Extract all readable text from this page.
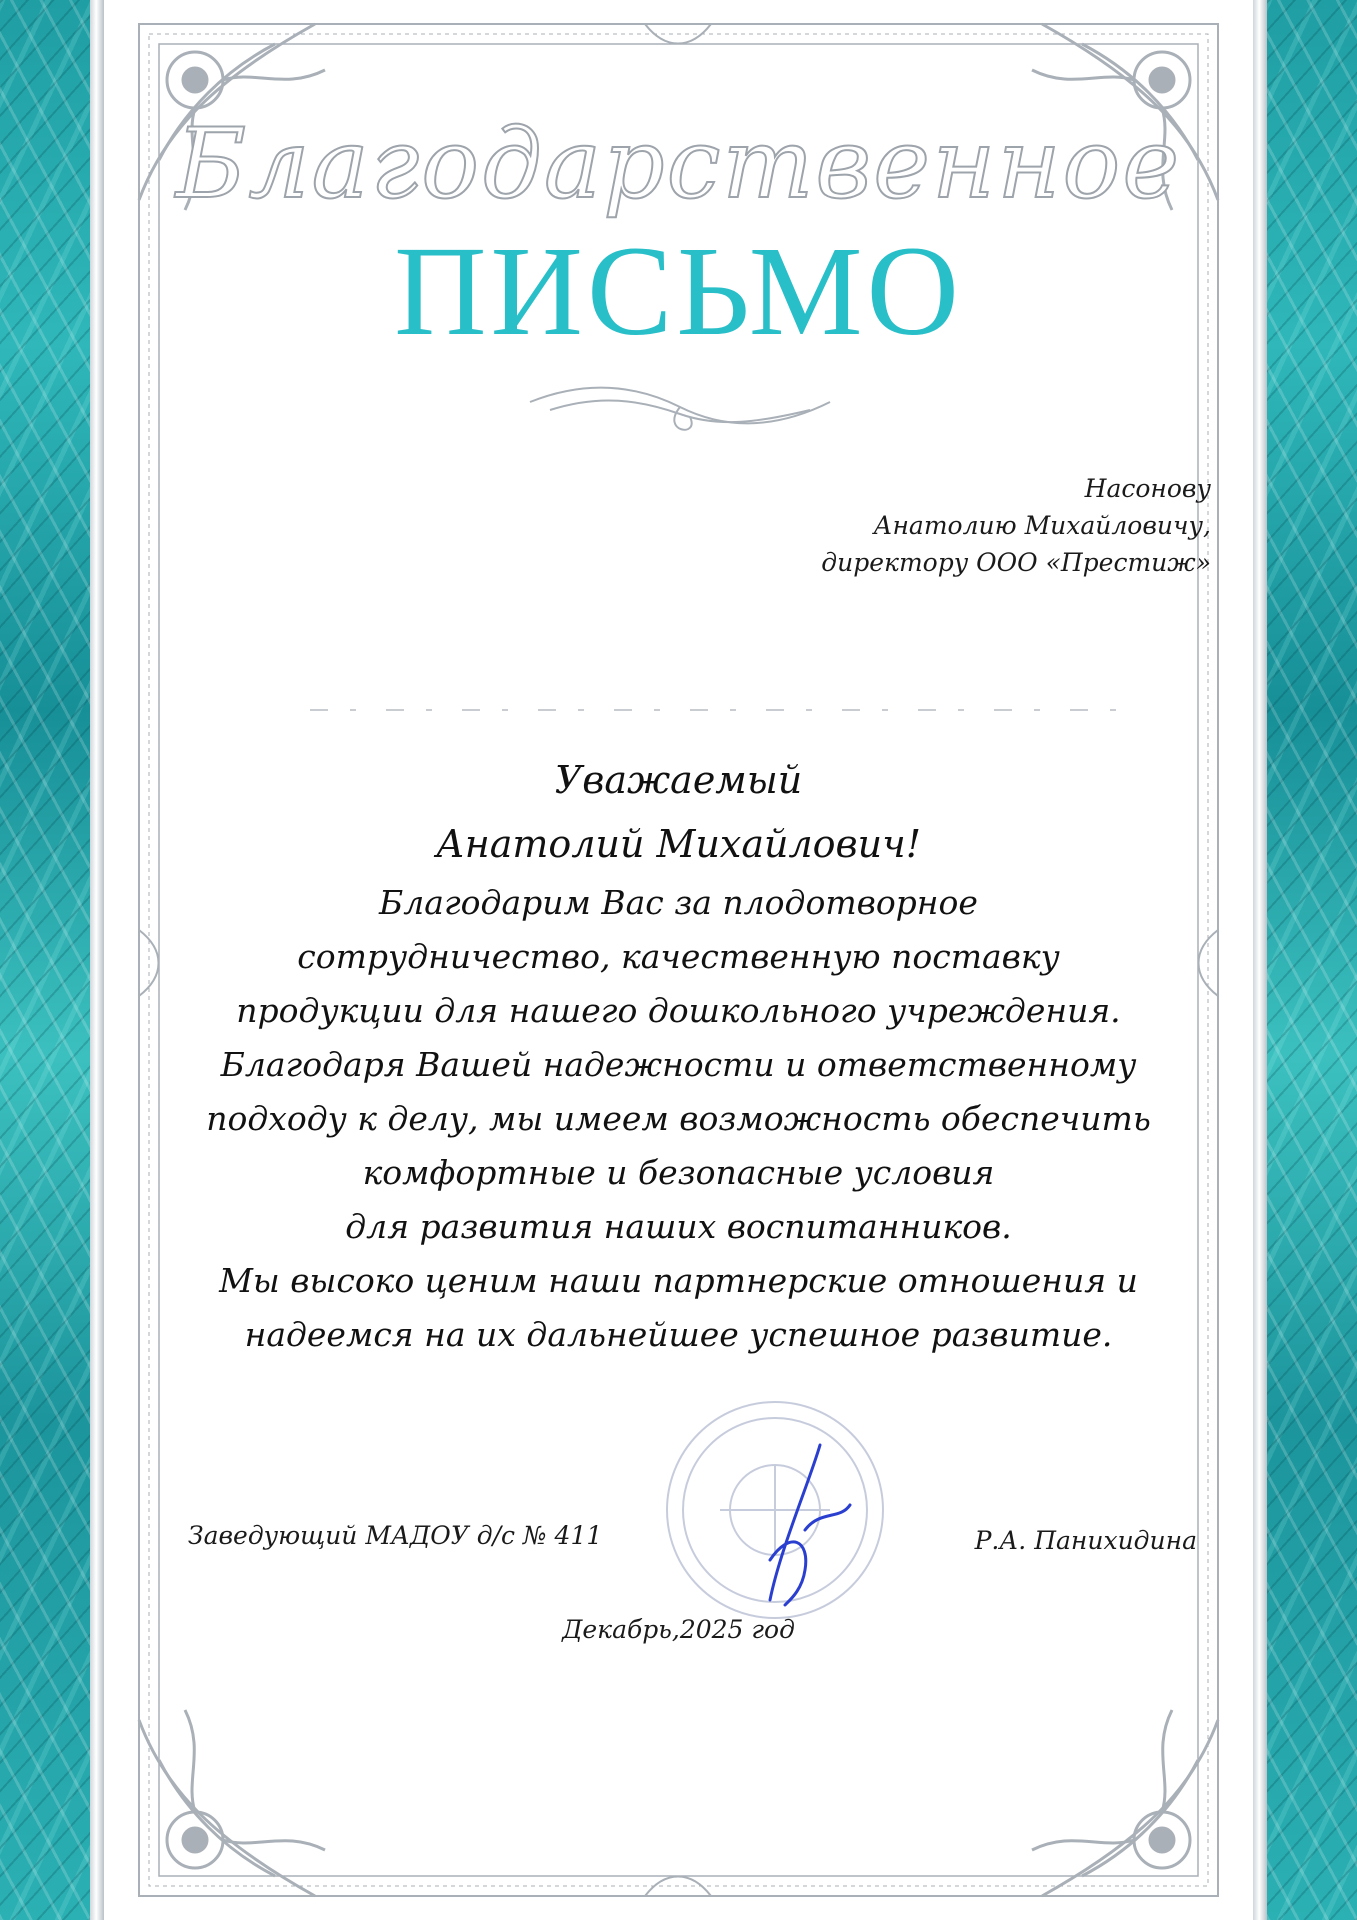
Благодарственное
ПИСЬМО
Насонову
Анатолию Михайловичу,
директору ООО «Престиж»
Уважаемый
Анатолий Михайлович!
Благодарим Вас за плодотворное
сотрудничество, качественную поставку
продукции для нашего дошкольного учреждения.
Благодаря Вашей надежности и ответственному
подходу к делу, мы имеем возможность обеспечить
комфортные и безопасные условия
для развития наших воспитанников.
Мы высоко ценим наши партнерские отношения и
надеемся на их дальнейшее успешное развитие.
Заведующий МАДОУ д/с № 411	Р.А. Панихидина
Декабрь,2025 год
